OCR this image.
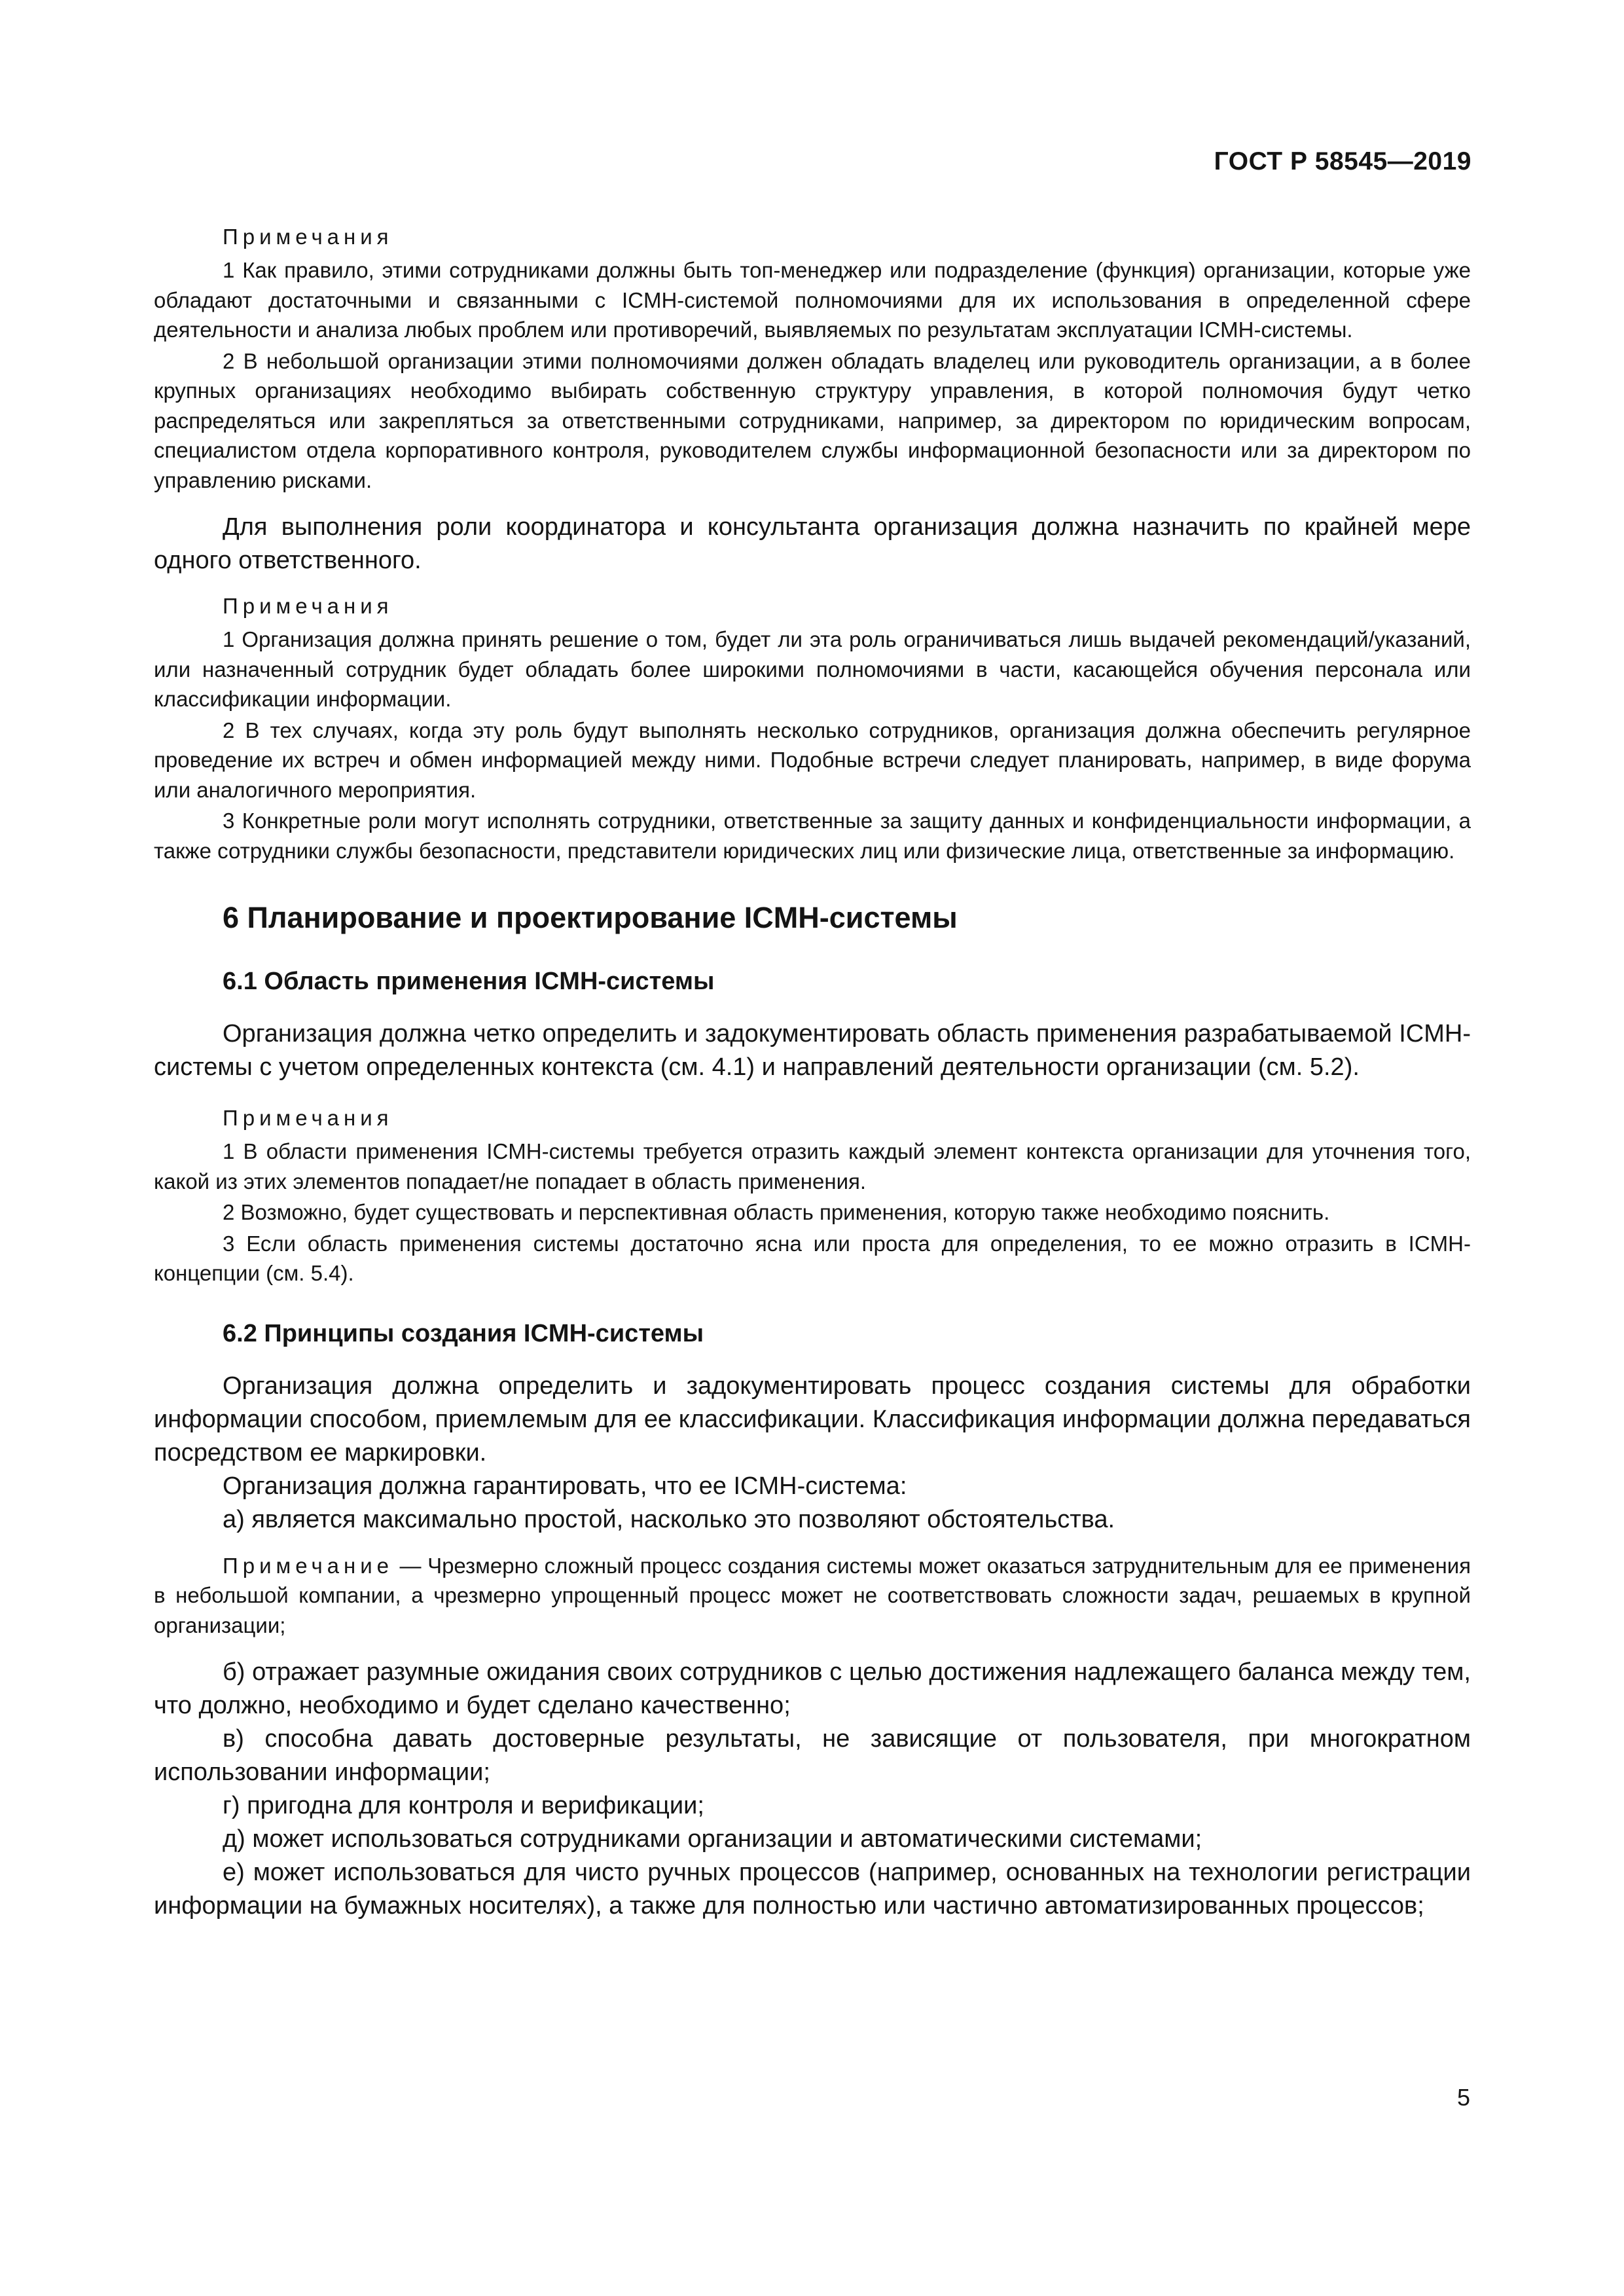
ГОСТ Р 58545—2019
Примечания

1 Как правило, этими сотрудниками должны быть топ-менеджер или подразделение (функция) организации, которые уже обладают достаточными и связанными с ICMH-системой полномочиями для их использования в определенной сфере деятельности и анализа любых проблем или противоречий, выявляемых по результатам эксплуатации ICMH-системы.

2 В небольшой организации этими полномочиями должен обладать владелец или руководитель организации, а в более крупных организациях необходимо выбирать собственную структуру управления, в которой полномочия будут четко распределяться или закрепляться за ответственными сотрудниками, например, за директором по юридическим вопросам, специалистом отдела корпоративного контроля, руководителем службы информационной безопасности или за директором по управлению рисками.

Для выполнения роли координатора и консультанта организация должна назначить по крайней мере одного ответственного.

Примечания

1 Организация должна принять решение о том, будет ли эта роль ограничиваться лишь выдачей рекомендаций/указаний, или назначенный сотрудник будет обладать более широкими полномочиями в части, касающейся обучения персонала или классификации информации.

2 В тех случаях, когда эту роль будут выполнять несколько сотрудников, организация должна обеспечить регулярное проведение их встреч и обмен информацией между ними. Подобные встречи следует планировать, например, в виде форума или аналогичного мероприятия.

3 Конкретные роли могут исполнять сотрудники, ответственные за защиту данных и конфиденциальности информации, а также сотрудники службы безопасности, представители юридических лиц или физические лица, ответственные за информацию.

6 Планирование и проектирование ICMH-системы
6.1 Область применения ICMH-системы

Организация должна четко определить и задокументировать область применения разрабатываемой ICMH-системы с учетом определенных контекста (см. 4.1) и направлений деятельности организации (см. 5.2).

Примечания

1 В области применения ICMH-системы требуется отразить каждый элемент контекста организации для уточнения того, какой из этих элементов попадает/не попадает в область применения.

2 Возможно, будет существовать и перспективная область применения, которую также необходимо пояснить.

3 Если область применения системы достаточно ясна или проста для определения, то ее можно отразить в ICMH-концепции (см. 5.4).

6.2 Принципы создания ICMH-системы

Организация должна определить и задокументировать процесс создания системы для обработки информации способом, приемлемым для ее классификации. Классификация информации должна передаваться посредством ее маркировки.

Организация должна гарантировать, что ее ICMH-система:

а) является максимально простой, насколько это позволяют обстоятельства.

Примечание — Чрезмерно сложный процесс создания системы может оказаться затруднительным для ее применения в небольшой компании, а чрезмерно упрощенный процесс может не соответствовать сложности задач, решаемых в крупной организации;

б) отражает разумные ожидания своих сотрудников с целью достижения надлежащего баланса между тем, что должно, необходимо и будет сделано качественно;

в) способна давать достоверные результаты, не зависящие от пользователя, при многократном использовании информации;

г) пригодна для контроля и верификации;

д) может использоваться сотрудниками организации и автоматическими системами;

е) может использоваться для чисто ручных процессов (например, основанных на технологии регистрации информации на бумажных носителях), а также для полностью или частично автоматизированных процессов;

5
